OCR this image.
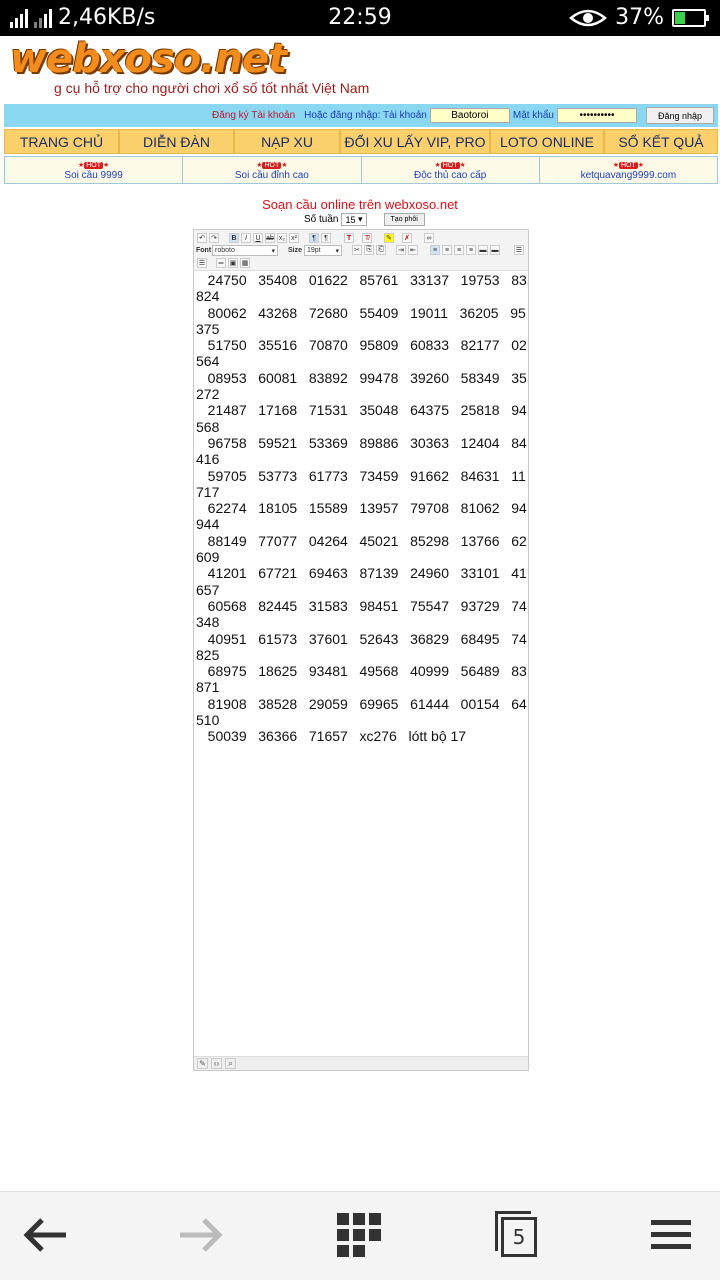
2,46KB/s	22:59	37%
webxoso.net
g cụ hỗ trợ cho người chơi xổ số tốt nhất Việt Nam
Đăng ký Tài khoản Hoặc đăng nhập: Tài khoản
Baotoroi	Mật khẩu
••••••••••	Đăng nhập
TRANG CHỦ	DIỄN ĐÀN	NẠP XU	ĐỔI XU LẤY VIP, PRO	LOTO ONLINE	SỔ KẾT QUẢ
★ HOT ★
Soi cầu 9999
★ HOT ★
Soi cầu đỉnh cao
★ HOT ★
Độc thủ cao cấp
★ HOT ★
ketquavang9999.com
Soạn cầu online trên webxoso.net
Số tuần 15 ▾	Tạo phôi
↶ ↷	B	I	U ab x₂ x²	¶	¶	T	T̸	✎ ✗	∞
Font roboto	▾ Size 19pt ▾ ✂ ⎘ ⎗	⇥ ⇤	≡	≡	≡	≡ ▬ ▬ ☰
☰	═ ▣ ▦
24750   35408   01622   85761   33137   19753   83
824
80062   43268   72680   55409   19011   36205   95
375
51750   35516   70870   95809   60833   82177   02
564
08953   60081   83892   99478   39260   58349   35
272
21487   17168   71531   35048   64375   25818   94
568
96758   59521   53369   89886   30363   12404   84
416
59705   53773   61773   73459   91662   84631   11
717
62274   18105   15589   13957   79708   81062   94
944
88149   77077   04264   45021   85298   13766   62
609
41201   67721   69463   87139   24960   33101   41
657
60568   82445   31583   98451   75547   93729   74
348
40951   61573   37601   52643   36829   68495   74
825
68975   18625   93481   49568   40999   56489   83
871
81908   38528   29059   69965   61444   00154   64
510
50039   36366   71657   xc276   lótt bộ 17
✎ ‹›	⌕
5
